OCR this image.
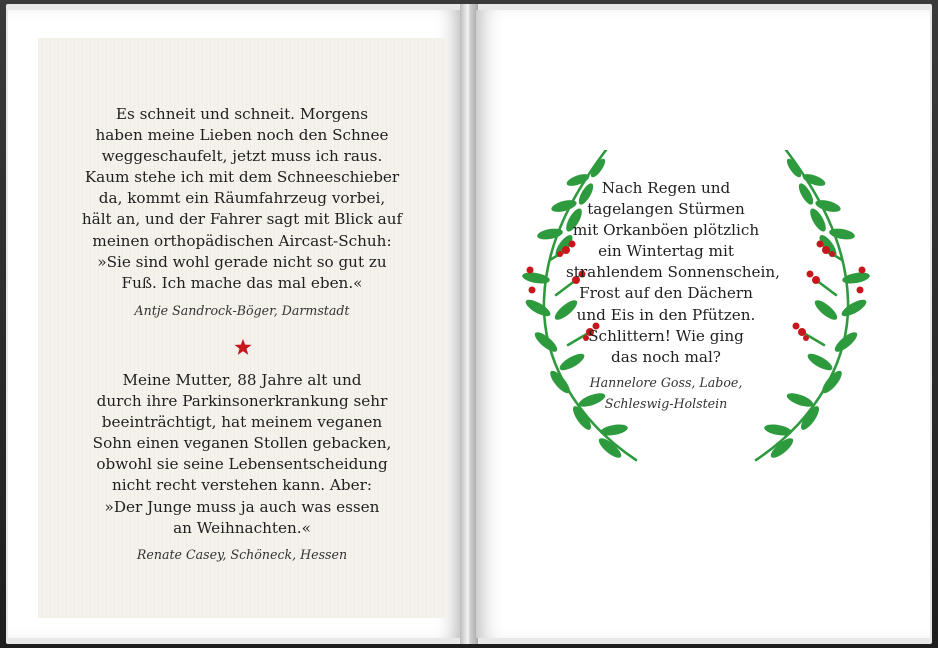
Es schneit und schneit. Morgens
haben meine Lieben noch den Schnee
weggeschaufelt, jetzt muss ich raus.
Kaum stehe ich mit dem Schneeschieber
da, kommt ein Räumfahrzeug vorbei,
hält an, und der Fahrer sagt mit Blick auf
meinen orthopädischen Aircast-Schuh:
»Sie sind wohl gerade nicht so gut zu
Fuß. Ich mache das mal eben.«
Antje Sandrock-Böger, Darmstadt
Meine Mutter, 88 Jahre alt und
durch ihre Parkinsonerkrankung sehr
beeinträchtigt, hat meinem veganen
Sohn einen veganen Stollen gebacken,
obwohl sie seine Lebensentscheidung
nicht recht verstehen kann. Aber:
»Der Junge muss ja auch was essen
an Weihnachten.«
Renate Casey, Schöneck, Hessen
Nach Regen und
tagelangen Stürmen
mit Orkanböen plötzlich
ein Wintertag mit
strahlendem Sonnenschein,
Frost auf den Dächern
und Eis in den Pfützen.
Schlittern! Wie ging
das noch mal?
Hannelore Goss, Laboe,
Schleswig-Holstein
